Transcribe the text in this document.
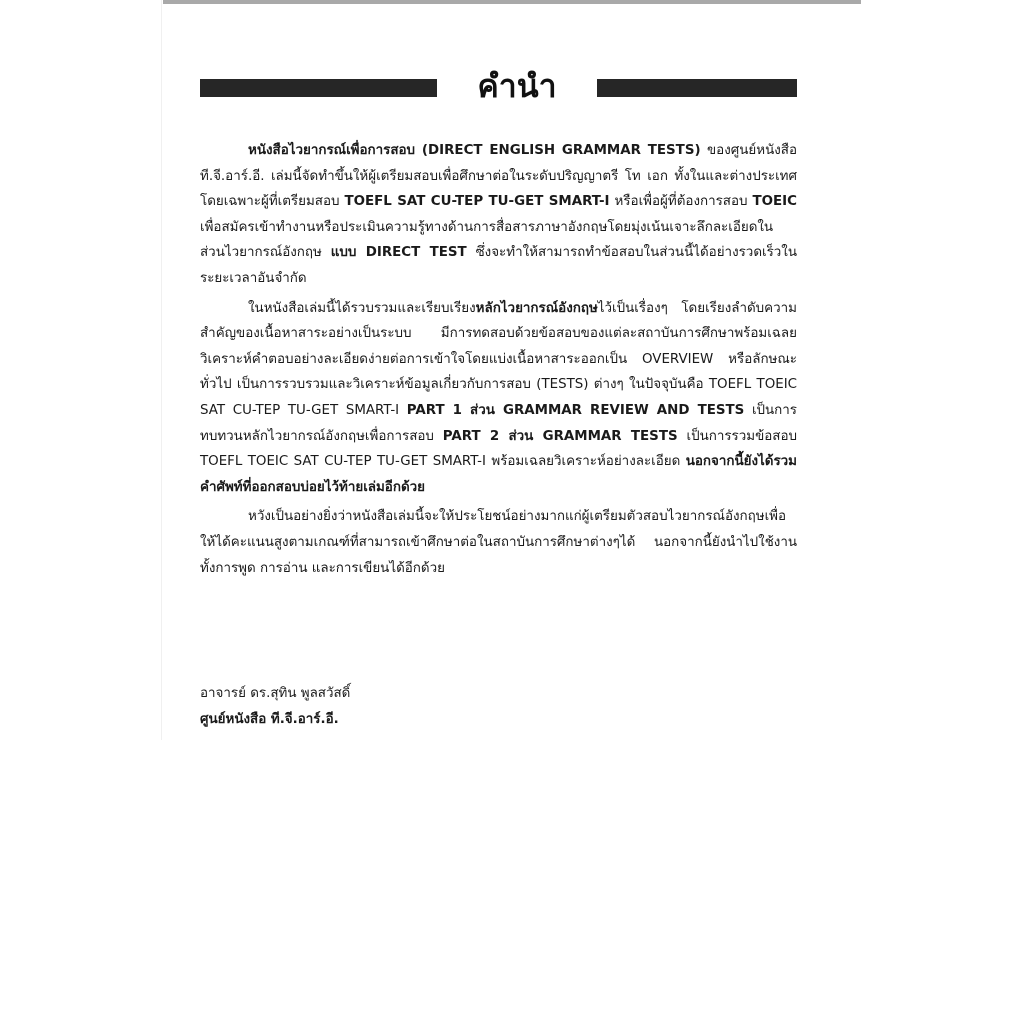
คำนำ

หนังสือไวยากรณ์เพื่อการสอบ (DIRECT ENGLISH GRAMMAR TESTS) ของศูนย์หนังสือ ที.จี.อาร์.อี. เล่มนี้จัดทำขึ้นให้ผู้เตรียมสอบเพื่อศึกษาต่อในระดับปริญญาตรี โท เอก ทั้งในและต่างประเทศ โดยเฉพาะผู้ที่เตรียมสอบ TOEFL SAT CU-TEP TU-GET SMART-I หรือเพื่อผู้ที่ต้องการสอบ TOEIC เพื่อสมัครเข้าทำงานหรือประเมินความรู้ทางด้านการสื่อสารภาษาอังกฤษโดยมุ่งเน้นเจาะลึกละเอียดในส่วนไวยากรณ์อังกฤษ แบบ DIRECT TEST ซึ่งจะทำให้สามารถทำข้อสอบในส่วนนี้ได้อย่างรวดเร็วในระยะเวลาอันจำกัด

ในหนังสือเล่มนี้ได้รวบรวมและเรียบเรียงหลักไวยากรณ์อังกฤษไว้เป็นเรื่องๆ โดยเรียงลำดับความสำคัญของเนื้อหาสาระอย่างเป็นระบบ มีการทดสอบด้วยข้อสอบของแต่ละสถาบันการศึกษาพร้อมเฉลยวิเคราะห์คำตอบอย่างละเอียดง่ายต่อการเข้าใจโดยแบ่งเนื้อหาสาระออกเป็น OVERVIEW หรือลักษณะทั่วไป เป็นการรวบรวมและวิเคราะห์ข้อมูลเกี่ยวกับการสอบ (TESTS) ต่างๆ ในปัจจุบันคือ TOEFL TOEIC SAT CU-TEP TU-GET SMART-I PART 1 ส่วน GRAMMAR REVIEW AND TESTS เป็นการทบทวนหลักไวยากรณ์อังกฤษเพื่อการสอบ PART 2 ส่วน GRAMMAR TESTS เป็นการรวมข้อสอบ TOEFL TOEIC SAT CU-TEP TU-GET SMART-I พร้อมเฉลยวิเคราะห์อย่างละเอียด นอกจากนี้ยังได้รวมคำศัพท์ที่ออกสอบบ่อยไว้ท้ายเล่มอีกด้วย

หวังเป็นอย่างยิ่งว่าหนังสือเล่มนี้จะให้ประโยชน์อย่างมากแก่ผู้เตรียมตัวสอบไวยากรณ์อังกฤษเพื่อให้ได้คะแนนสูงตามเกณฑ์ที่สามารถเข้าศึกษาต่อในสถาบันการศึกษาต่างๆได้ นอกจากนี้ยังนำไปใช้งานทั้งการพูด การอ่าน และการเขียนได้อีกด้วย

อาจารย์ ดร.สุทิน พูลสวัสดิ์
ศูนย์หนังสือ ที.จี.อาร์.อี.
